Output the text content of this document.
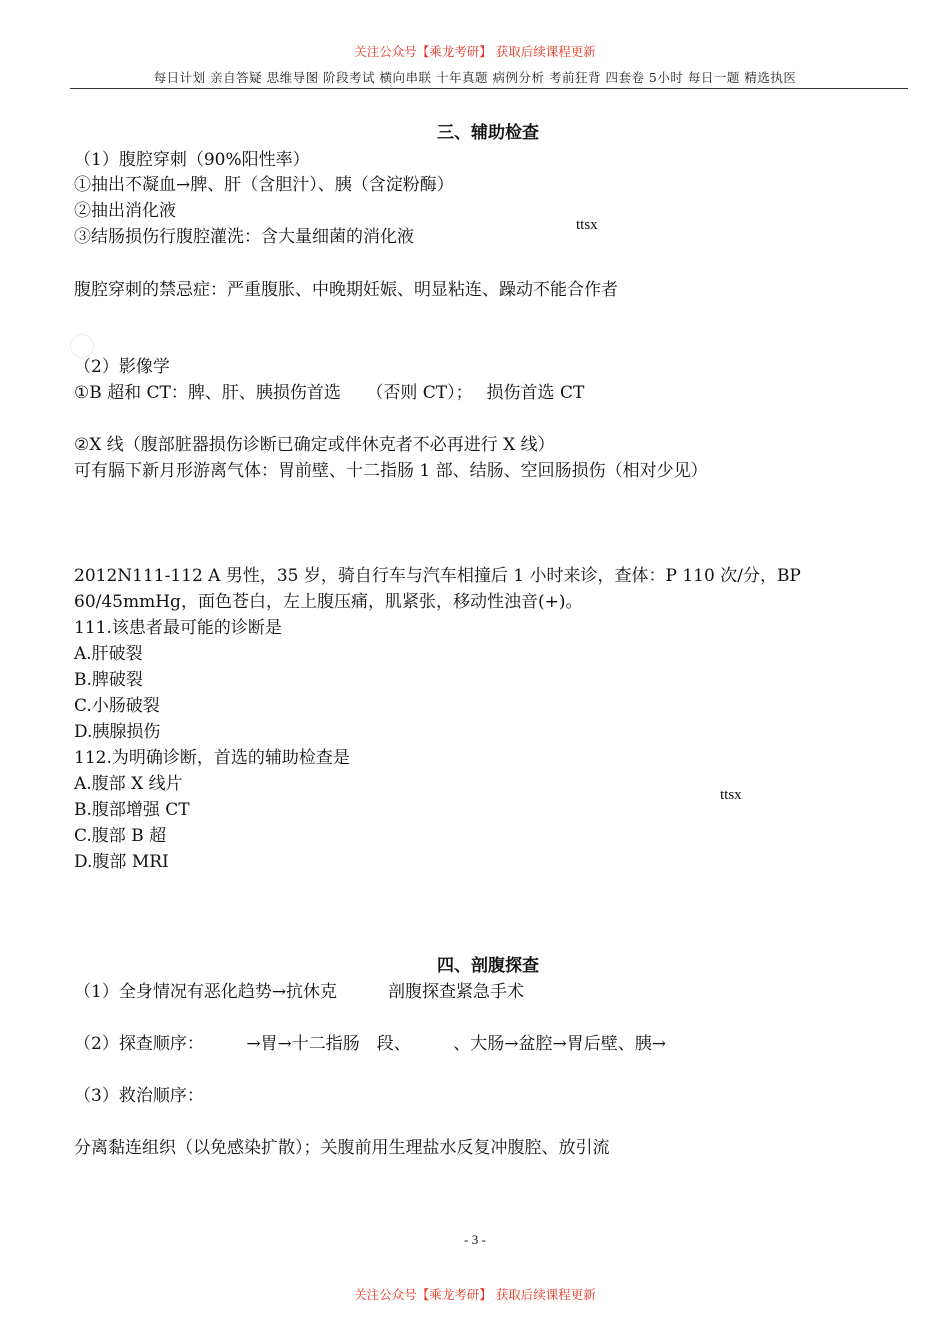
关注公众号【乘龙考研】 获取后续课程更新
每日计划 亲自答疑 思维导图 阶段考试 横向串联 十年真题 病例分析 考前狂背 四套卷 5小时 每日一题 精选执医
三、辅助检查
（1）腹腔穿刺（90%阳性率）
①抽出不凝血→脾、肝（含胆汁）、胰（含淀粉酶）
②抽出消化液
③结肠损伤行腹腔灌洗：含大量细菌的消化液
ttsx
腹腔穿刺的禁忌症：严重腹胀、中晚期妊娠、明显粘连、躁动不能合作者
（2）影像学
①B 超和 CT：脾、肝、胰损伤首选　　（否则 CT）；　 损伤首选 CT
②X 线（腹部脏器损伤诊断已确定或伴休克者不必再进行 X 线）
可有膈下新月形游离气体：胃前壁、十二指肠 1 部、结肠、空回肠损伤（相对少见）
2012N111-112 A 男性，35 岁，骑自行车与汽车相撞后 1 小时来诊，查体：P 110 次/分，BP
60/45mmHg，面色苍白，左上腹压痛，肌紧张，移动性浊音(+)。
111.该患者最可能的诊断是
A.肝破裂
B.脾破裂
C.小肠破裂
D.胰腺损伤
112.为明确诊断，首选的辅助检查是
A.腹部 X 线片
B.腹部增强 CT
C.腹部 B 超
D.腹部 MRI
ttsx
四、剖腹探查
（1）全身情况有恶化趋势→抗休克　　　剖腹探查紧急手术
（2）探查顺序：　　　→胃→十二指肠　段、　　　、大肠→盆腔→胃后壁、胰→
（3）救治顺序：
分离黏连组织（以免感染扩散）；关腹前用生理盐水反复冲腹腔、放引流
- 3 -
关注公众号【乘龙考研】 获取后续课程更新
